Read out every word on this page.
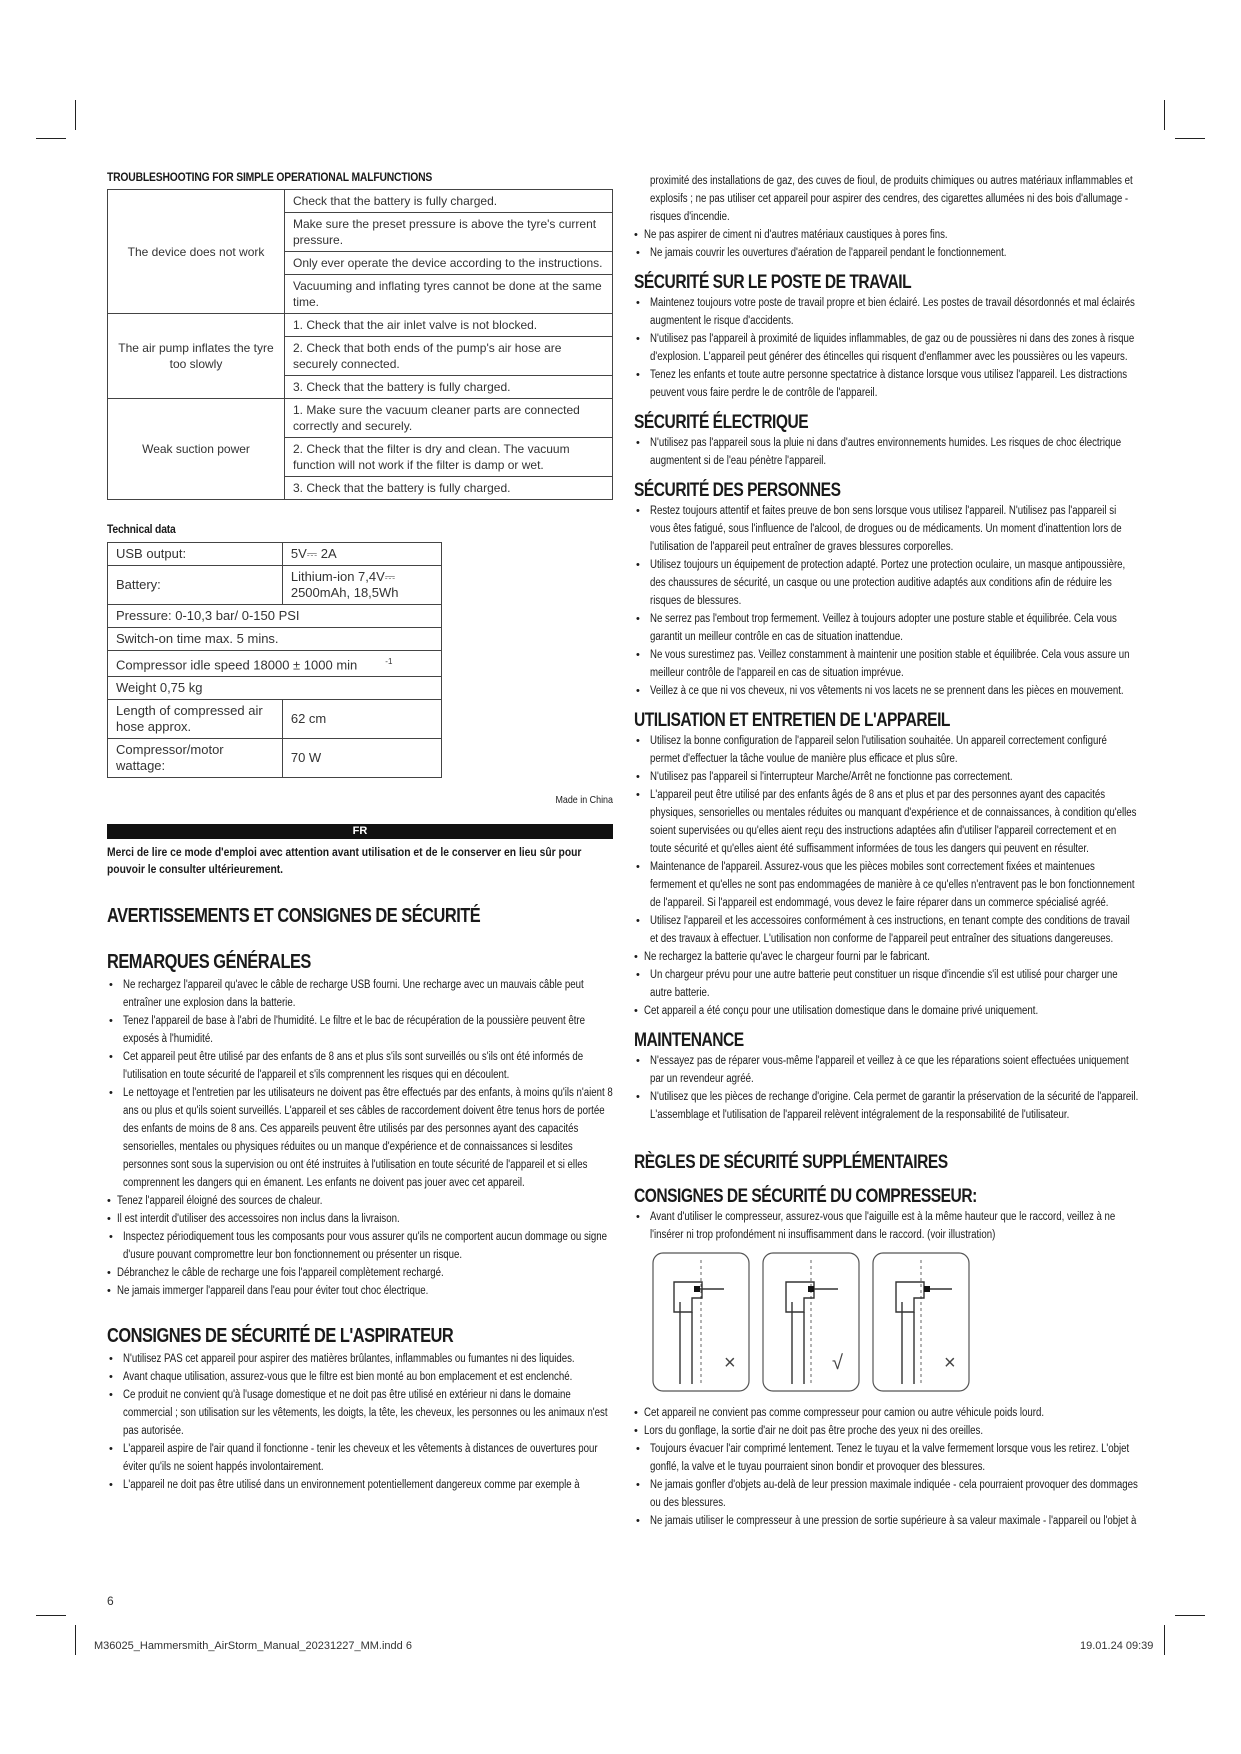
TROUBLESHOOTING FOR SIMPLE OPERATIONAL MALFUNCTIONS
The device does not work	Check that the battery is fully charged.
	Make sure the preset pressure is above the tyre's current pressure.
	Only ever operate the device according to the instructions.
	Vacuuming and inflating tyres cannot be done at the same time.
The air pump inflates the tyre too slowly	1. Check that the air inlet valve is not blocked.
	2. Check that both ends of the pump's air hose are securely connected.
	3. Check that the battery is fully charged.
Weak suction power	1. Make sure the vacuum cleaner parts are connected correctly and securely.
	2. Check that the filter is dry and clean. The vacuum function will not work if the filter is damp or wet.
	3. Check that the battery is fully charged.
Technical data
USB output:	5V⎓ 2A
Battery:	Lithium-ion 7,4V⎓ 2500mAh, 18,5Wh
Pressure: 0-10,3 bar/ 0-150 PSI	
Switch-on time max. 5 mins.	
Compressor idle speed 18000 ± 1000 min $^{-1}$
Weight 0,75 kg	
Length of compressed air hose approx.	62 cm
Compressor/motor wattage:	70 W
Made in China
FR
Merci de lire ce mode d'emploi avec attention avant utilisation et de le conserver en lieu sûr pour pouvoir le consulter ultérieurement.
AVERTISSEMENTS ET CONSIGNES DE SÉCURITÉ
REMARQUES GÉNÉRALES
• Ne rechargez l'appareil qu'avec le câble de recharge USB fourni. Une recharge avec un mauvais câble peut entraîner une explosion dans la batterie.
• Tenez l'appareil de base à l'abri de l'humidité. Le filtre et le bac de récupération de la poussière peuvent être exposés à l'humidité.
• Cet appareil peut être utilisé par des enfants de 8 ans et plus s'ils sont surveillés ou s'ils ont été informés de l'utilisation en toute sécurité de l'appareil et s'ils comprennent les risques qui en découlent.
• Le nettoyage et l'entretien par les utilisateurs ne doivent pas être effectués par des enfants, à moins qu'ils n'aient 8 ans ou plus et qu'ils soient surveillés. L'appareil et ses câbles de raccordement doivent être tenus hors de portée des enfants de moins de 8 ans. Ces appareils peuvent être utilisés par des personnes ayant des capacités sensorielles, mentales ou physiques réduites ou un manque d'expérience et de connaissances si lesdites personnes sont sous la supervision ou ont été instruites à l'utilisation en toute sécurité de l'appareil et si elles comprennent les dangers qui en émanent. Les enfants ne doivent pas jouer avec cet appareil.
• Tenez l'appareil éloigné des sources de chaleur.
• Il est interdit d'utiliser des accessoires non inclus dans la livraison.
• Inspectez périodiquement tous les composants pour vous assurer qu'ils ne comportent aucun dommage ou signe d'usure pouvant compromettre leur bon fonctionnement ou présenter un risque.
• Débranchez le câble de recharge une fois l'appareil complètement rechargé.
• Ne jamais immerger l'appareil dans l'eau pour éviter tout choc électrique.
CONSIGNES DE SÉCURITÉ DE L'ASPIRATEUR
• N'utilisez PAS cet appareil pour aspirer des matières brûlantes, inflammables ou fumantes ni des liquides.
• Avant chaque utilisation, assurez-vous que le filtre est bien monté au bon emplacement et est enclenché.
• Ce produit ne convient qu'à l'usage domestique et ne doit pas être utilisé en extérieur ni dans le domaine commercial ; son utilisation sur les vêtements, les doigts, la tête, les cheveux, les personnes ou les animaux n'est pas autorisée.
• L'appareil aspire de l'air quand il fonctionne - tenir les cheveux et les vêtements à distances de ouvertures pour éviter qu'ils ne soient happés involontairement.
• L'appareil ne doit pas être utilisé dans un environnement potentiellement dangereux comme par exemple à
proximité des installations de gaz, des cuves de fioul, de produits chimiques ou autres matériaux inflammables et explosifs ; ne pas utiliser cet appareil pour aspirer des cendres, des cigarettes allumées ni des bois d'allumage - risques d'incendie.
• Ne pas aspirer de ciment ni d'autres matériaux caustiques à pores fins.
• Ne jamais couvrir les ouvertures d'aération de l'appareil pendant le fonctionnement.
SÉCURITÉ SUR LE POSTE DE TRAVAIL
• Maintenez toujours votre poste de travail propre et bien éclairé. Les postes de travail désordonnés et mal éclairés augmentent le risque d'accidents.
• N'utilisez pas l'appareil à proximité de liquides inflammables, de gaz ou de poussières ni dans des zones à risque d'explosion. L'appareil peut générer des étincelles qui risquent d'enflammer avec les poussières ou les vapeurs.
• Tenez les enfants et toute autre personne spectatrice à distance lorsque vous utilisez l'appareil. Les distractions peuvent vous faire perdre le de contrôle de l'appareil.
SÉCURITÉ ÉLECTRIQUE
• N'utilisez pas l'appareil sous la pluie ni dans d'autres environnements humides. Les risques de choc électrique augmentent si de l'eau pénètre l'appareil.
SÉCURITÉ DES PERSONNES
• Restez toujours attentif et faites preuve de bon sens lorsque vous utilisez l'appareil. N'utilisez pas l'appareil si vous êtes fatigué, sous l'influence de l'alcool, de drogues ou de médicaments. Un moment d'inattention lors de l'utilisation de l'appareil peut entraîner de graves blessures corporelles.
• Utilisez toujours un équipement de protection adapté. Portez une protection oculaire, un masque antipoussière, des chaussures de sécurité, un casque ou une protection auditive adaptés aux conditions afin de réduire les risques de blessures.
• Ne serrez pas l'embout trop fermement. Veillez à toujours adopter une posture stable et équilibrée. Cela vous garantit un meilleur contrôle en cas de situation inattendue.
• Ne vous surestimez pas. Veillez constamment à maintenir une position stable et équilibrée. Cela vous assure un meilleur contrôle de l'appareil en cas de situation imprévue.
• Veillez à ce que ni vos cheveux, ni vos vêtements ni vos lacets ne se prennent dans les pièces en mouvement.
UTILISATION ET ENTRETIEN DE L'APPAREIL
• Utilisez la bonne configuration de l'appareil selon l'utilisation souhaitée. Un appareil correctement configuré permet d'effectuer la tâche voulue de manière plus efficace et plus sûre.
• N'utilisez pas l'appareil si l'interrupteur Marche/Arrêt ne fonctionne pas correctement.
• L'appareil peut être utilisé par des enfants âgés de 8 ans et plus et par des personnes ayant des capacités physiques, sensorielles ou mentales réduites ou manquant d'expérience et de connaissances, à condition qu'elles soient supervisées ou qu'elles aient reçu des instructions adaptées afin d'utiliser l'appareil correctement et en toute sécurité et qu'elles aient été suffisamment informées de tous les dangers qui peuvent en résulter.
• Maintenance de l'appareil. Assurez-vous que les pièces mobiles sont correctement fixées et maintenues fermement et qu'elles ne sont pas endommagées de manière à ce qu'elles n'entravent pas le bon fonctionnement de l'appareil. Si l'appareil est endommagé, vous devez le faire réparer dans un commerce spécialisé agréé.
• Utilisez l'appareil et les accessoires conformément à ces instructions, en tenant compte des conditions de travail et des travaux à effectuer. L'utilisation non conforme de l'appareil peut entraîner des situations dangereuses.
• Ne rechargez la batterie qu'avec le chargeur fourni par le fabricant.
• Un chargeur prévu pour une autre batterie peut constituer un risque d'incendie s'il est utilisé pour charger une autre batterie.
• Cet appareil a été conçu pour une utilisation domestique dans le domaine privé uniquement.
MAINTENANCE
• N'essayez pas de réparer vous-même l'appareil et veillez à ce que les réparations soient effectuées uniquement par un revendeur agréé.
• N'utilisez que les pièces de rechange d'origine. Cela permet de garantir la préservation de la sécurité de l'appareil. L'assemblage et l'utilisation de l'appareil relèvent intégralement de la responsabilité de l'utilisateur.
RÈGLES DE SÉCURITÉ SUPPLÉMENTAIRES
CONSIGNES DE SÉCURITÉ DU COMPRESSEUR:
• Avant d'utiliser le compresseur, assurez-vous que l'aiguille est à la même hauteur que le raccord, veillez à ne l'insérer ni trop profondément ni insuffisamment dans le raccord. (voir illustration)
×	√	×
• Cet appareil ne convient pas comme compresseur pour camion ou autre véhicule poids lourd.
• Lors du gonflage, la sortie d'air ne doit pas être proche des yeux ni des oreilles.
• Toujours évacuer l'air comprimé lentement. Tenez le tuyau et la valve fermement lorsque vous les retirez. L'objet gonflé, la valve et le tuyau pourraient sinon bondir et provoquer des blessures.
• Ne jamais gonfler d'objets au-delà de leur pression maximale indiquée - cela pourraient provoquer des dommages ou des blessures.
• Ne jamais utiliser le compresseur à une pression de sortie supérieure à sa valeur maximale - l'appareil ou l'objet à
6
M36025_Hammersmith_AirStorm_Manual_20231227_MM.indd 6	19.01.24 09:39
